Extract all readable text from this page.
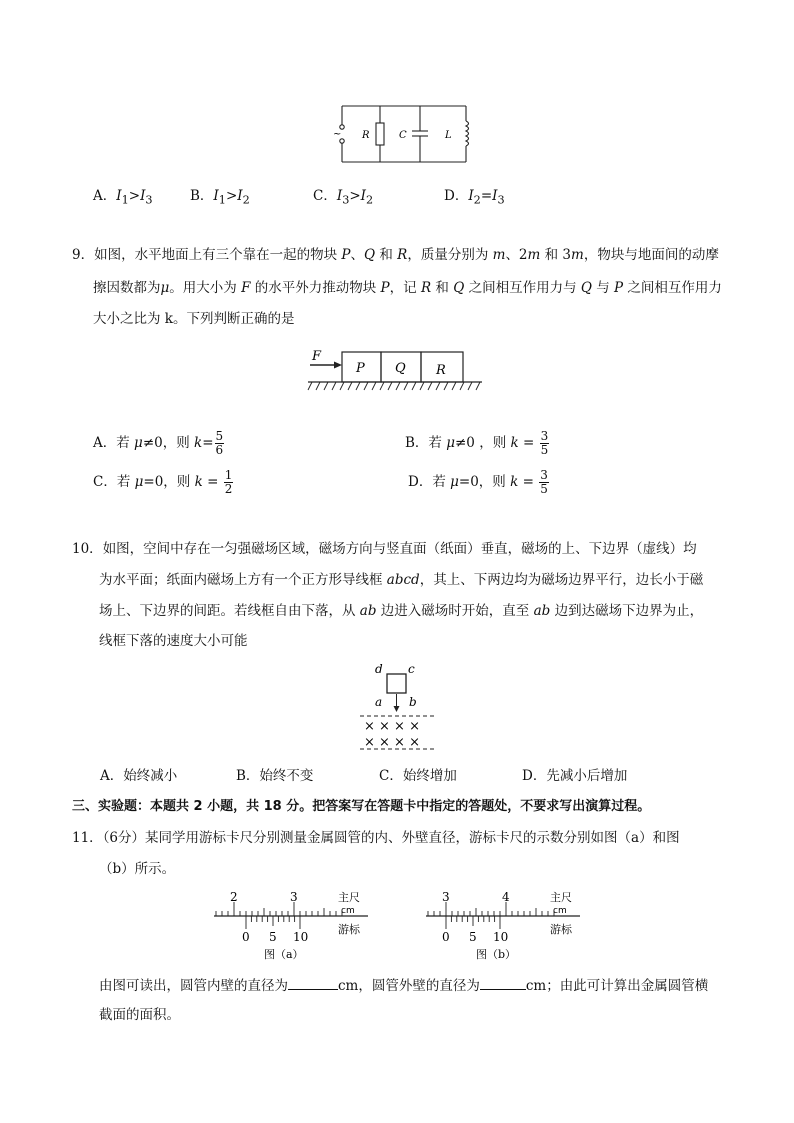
~ R	C	L
A．$I_1>I_3$	B．$I_1>I_2$	C．$I_3>I_2$	D．$I_2=I_3$
9．如图，水平地面上有三个靠在一起的物块 P、Q 和 R，质量分别为 m、2m 和 3m，物块与地面间的动摩
擦因数都为μ。用大小为 F 的水平外力推动物块 P，记 R 和 Q 之间相互作用力与 Q 与 P 之间相互作用力
大小之比为 k。下列判断正确的是
F
P Q R
A．若 μ≠0，则 $k= \frac{5}{6}$	B．若 μ≠0 ，则 $k = \frac{3}{5}$
C．若 μ=0，则 $k = \frac{1}{2}$	D．若 μ=0，则 $k = \frac{3}{5}$
10．如图，空间中存在一匀强磁场区域，磁场方向与竖直面（纸面）垂直，磁场的上、下边界（虚线）均
为水平面；纸面内磁场上方有一个正方形导线框 abcd，其上、下两边均为磁场边界平行，边长小于磁
场上、下边界的间距。若线框自由下落，从 ab 边进入磁场时开始，直至 ab 边到达磁场下边界为止，
线框下落的速度大小可能
d c
a b
× × × ×
× × × ×
A．始终减小	B．始终不变	C．始终增加	D．先减小后增加
三、实验题：本题共 2 小题，共 18 分。把答案写在答题卡中指定的答题处，不要求写出演算过程。
11．（6分）某同学用游标卡尺分别测量金属圆管的内、外壁直径，游标卡尺的示数分别如图（a）和图
（b）所示。
2	3
0 5 10
主尺
cm
游标
图（a）
3	4
0 5 10
主尺
cm
游标
图（b）
由图可读出，圆管内壁的直径为	cm，圆管外壁的直径为	cm；由此可计算出金属圆管横
截面的面积。
